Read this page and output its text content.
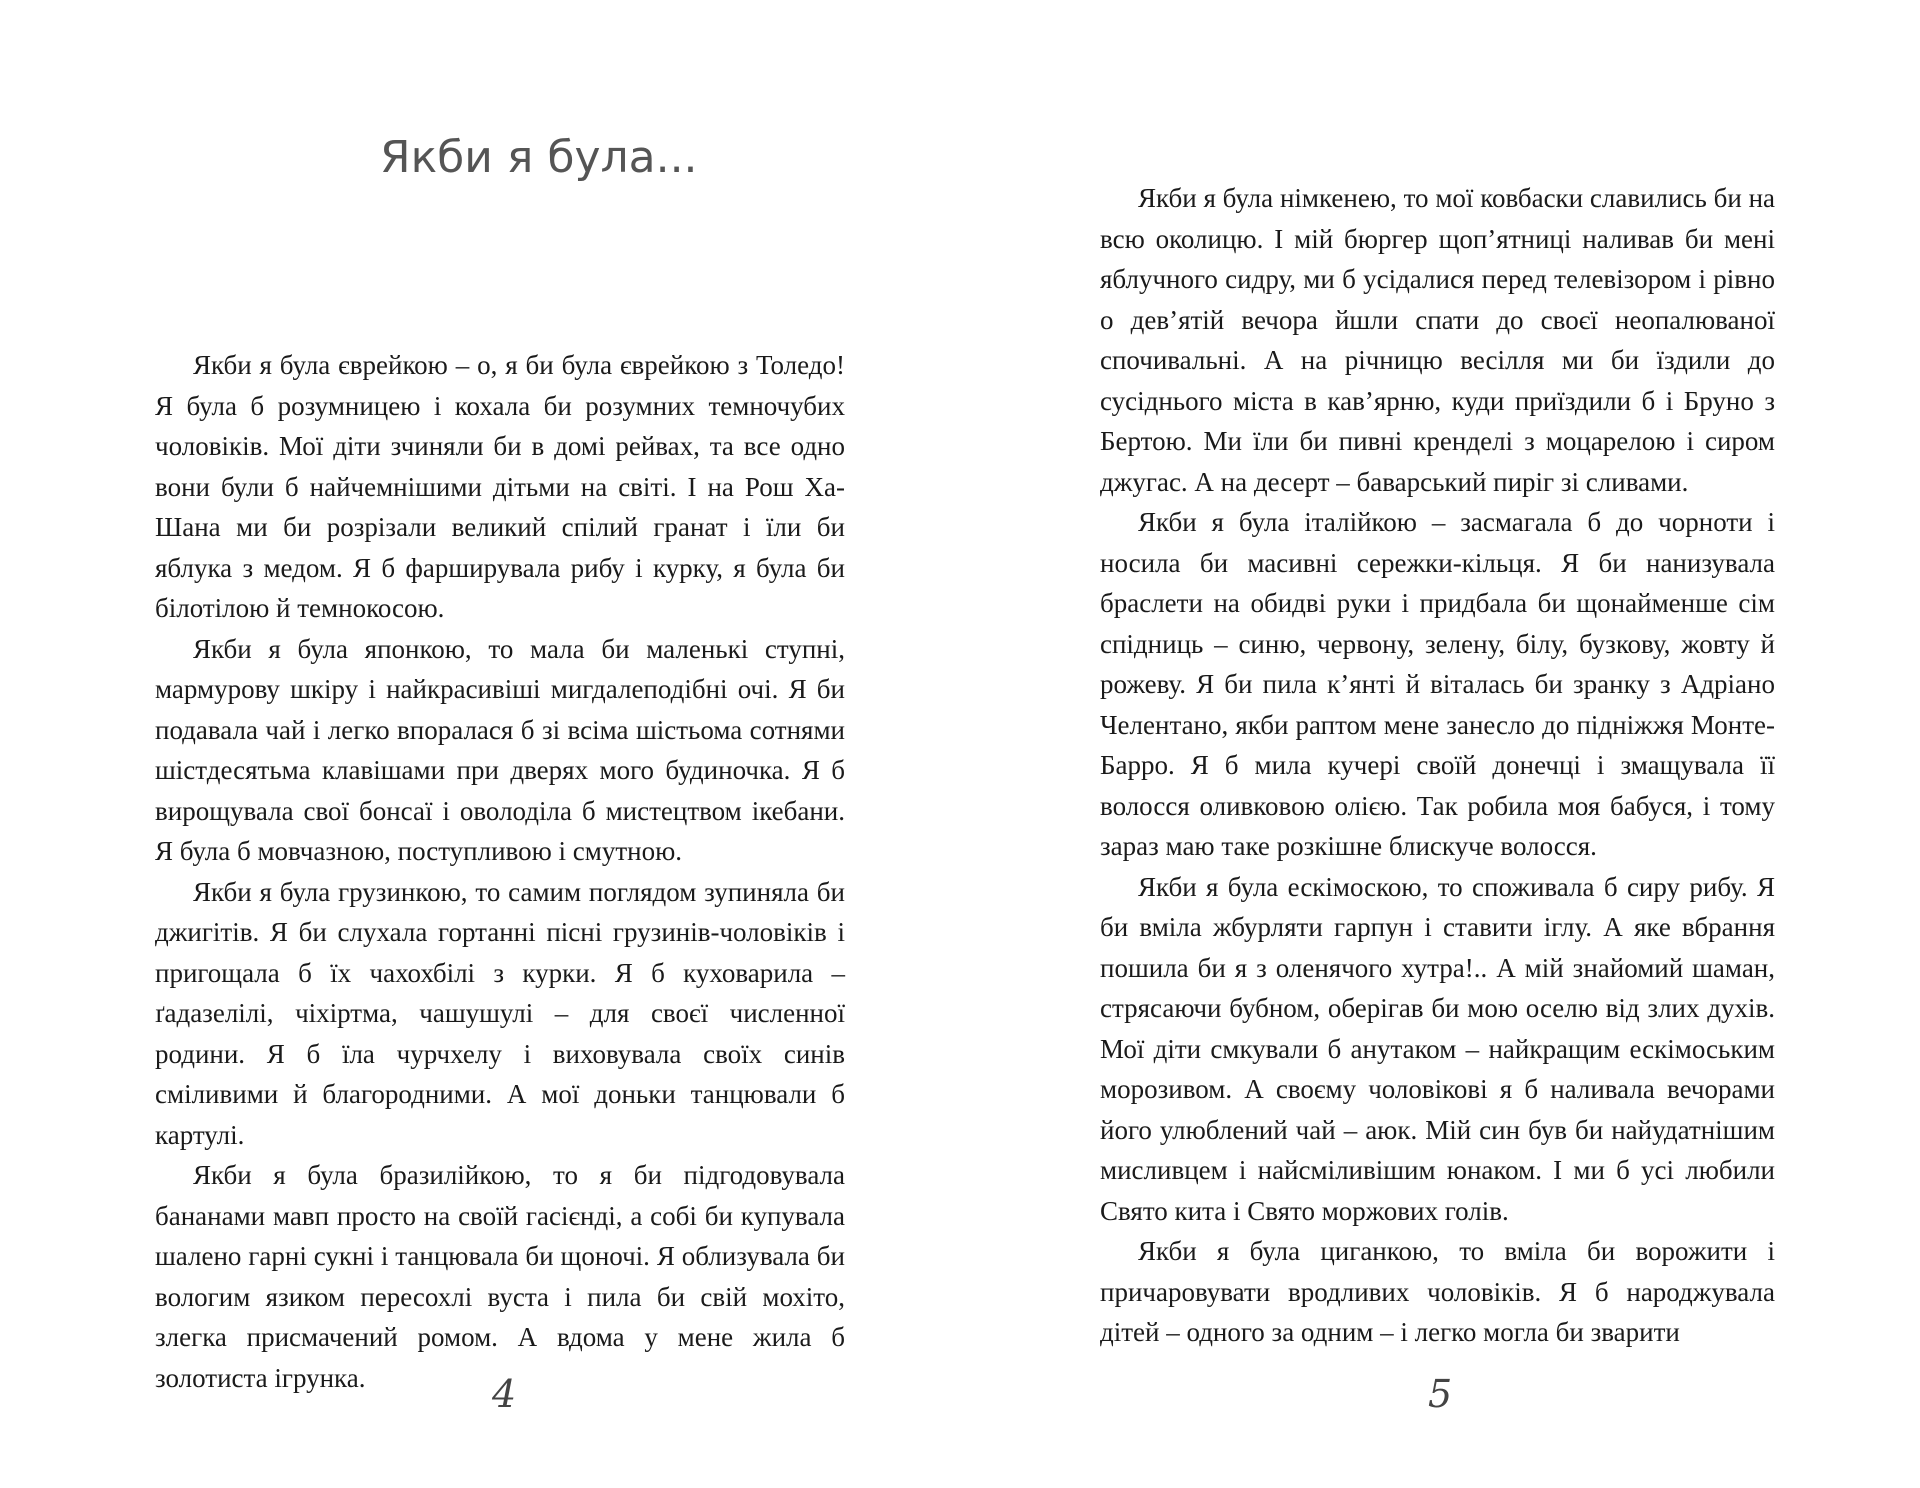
Якби я була...

Якби я була єврейкою – о, я би була єврейкою з Толедо! Я була б розумницею і кохала би розумних темночубих чоловіків. Мої діти зчиняли би в домі рейвах, та все одно вони були б найчемнішими дітьми на світі. І на Рош Ха-Шана ми би розрізали великий спілий гранат і їли би яблука з медом. Я б фарширувала рибу і курку, я була би білотілою й темнокосою.

Якби я була японкою, то мала би маленькі ступні, мармурову шкіру і найкрасивіші мигдалеподібні очі. Я би подавала чай і легко впоралася б зі всіма шістьома сотнями шістдесятьма клавішами при дверях мого будиночка. Я б вирощувала свої бонсаї і оволоділа б мистецтвом ікебани. Я була б мовчазною, поступливою і смутною.

Якби я була грузинкою, то самим поглядом зупиняла би джигітів. Я би слухала гортанні пісні грузинів-чоловіків і пригощала б їх чахохбілі з курки. Я б куховарила – ґадазелілі, чіхіртма, чашушулі – для своєї численної родини. Я б їла чурчхелу і виховувала своїх синів сміливими й благородними. А мої доньки танцювали б картулі.

Якби я була бразилійкою, то я би підгодовувала бананами мавп просто на своїй гасієнді, а собі би купувала шалено гарні сукні і танцювала би щоночі. Я облизувала би вологим язиком пересохлі вуста і пила би свій мохіто, злегка присмачений ромом. А вдома у мене жила б золотиста ігрунка.	4

Якби я була німкенею, то мої ковбаски славились би на всю околицю. І мій бюргер щоп’ятниці наливав би мені яблучного сидру, ми б усідалися перед телевізором і рівно о дев’ятій вечора йшли спати до своєї неопалюваної спочивальні. А на річницю весілля ми би їздили до сусіднього міста в кав’ярню, куди приїздили б і Бруно з Бертою. Ми їли би пивні кренделі з моцарелою і сиром джугас. А на десерт – баварський пиріг зі сливами.

Якби я була італійкою – засмагала б до чорноти і носила би масивні сережки-кільця. Я би нанизувала браслети на обидві руки і придбала би щонайменше сім спідниць – синю, червону, зелену, білу, бузкову, жовту й рожеву. Я би пила к’янті й віталась би зранку з Адріано Челентано, якби раптом мене занесло до підніжжя Монте-Барро. Я б мила кучері своїй донечці і змащувала її волосся оливковою олією. Так робила моя бабуся, і тому зараз маю таке розкішне блискуче волосся.

Якби я була ескімоскою, то споживала б сиру рибу. Я би вміла жбурляти гарпун і ставити іглу. А яке вбрання пошила би я з оленячого хутра!.. А мій знайомий шаман, стрясаючи бубном, оберігав би мою оселю від злих духів. Мої діти смкували б анутаком – найкращим ескімоським морозивом. А своєму чоловікові я б наливала вечорами його улюблений чай – аюк. Мій син був би найудатнішим мисливцем і найсміливішим юнаком. І ми б усі любили Свято кита і Свято моржових голів.

Якби я була циганкою, то вміла би ворожити і причаровувати вродливих чоловіків. Я б народжувала дітей – одного за одним – і легко могла би зварити

5
